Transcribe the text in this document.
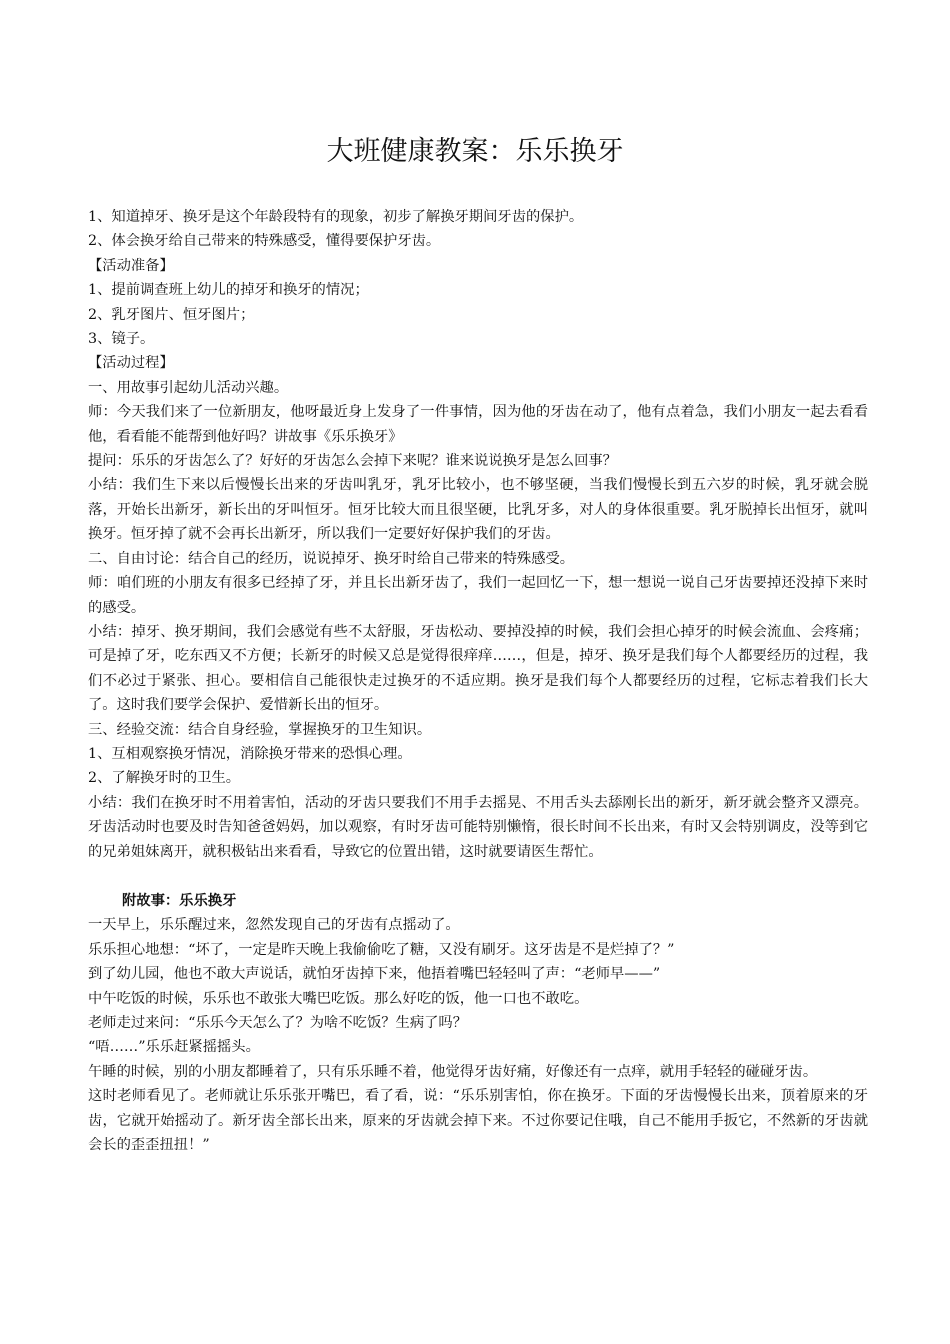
大班健康教案：乐乐换牙

1、知道掉牙、换牙是这个年龄段特有的现象，初步了解换牙期间牙齿的保护。

2、体会换牙给自己带来的特殊感受，懂得要保护牙齿。

【活动准备】

1、提前调查班上幼儿的掉牙和换牙的情况；

2、乳牙图片、恒牙图片；

3、镜子。

【活动过程】

一、用故事引起幼儿活动兴趣。

师：今天我们来了一位新朋友，他呀最近身上发身了一件事情，因为他的牙齿在动了，他有点着急，我们小朋友一起去看看他，看看能不能帮到他好吗？讲故事《乐乐换牙》

提问：乐乐的牙齿怎么了？好好的牙齿怎么会掉下来呢？谁来说说换牙是怎么回事？

小结：我们生下来以后慢慢长出来的牙齿叫乳牙，乳牙比较小，也不够坚硬，当我们慢慢长到五六岁的时候，乳牙就会脱落，开始长出新牙，新长出的牙叫恒牙。恒牙比较大而且很坚硬，比乳牙多，对人的身体很重要。乳牙脱掉长出恒牙，就叫换牙。恒牙掉了就不会再长出新牙，所以我们一定要好好保护我们的牙齿。

二、自由讨论：结合自己的经历，说说掉牙、换牙时给自己带来的特殊感受。

师：咱们班的小朋友有很多已经掉了牙，并且长出新牙齿了，我们一起回忆一下，想一想说一说自己牙齿要掉还没掉下来时的感受。

小结：掉牙、换牙期间，我们会感觉有些不太舒服，牙齿松动、要掉没掉的时候，我们会担心掉牙的时候会流血、会疼痛；可是掉了牙，吃东西又不方便；长新牙的时候又总是觉得很痒痒……，但是，掉牙、换牙是我们每个人都要经历的过程，我们不必过于紧张、担心。要相信自己能很快走过换牙的不适应期。换牙是我们每个人都要经历的过程，它标志着我们长大了。这时我们要学会保护、爱惜新长出的恒牙。

三、经验交流：结合自身经验，掌握换牙的卫生知识。

1、互相观察换牙情况，消除换牙带来的恐惧心理。

2、了解换牙时的卫生。

小结：我们在换牙时不用着害怕，活动的牙齿只要我们不用手去摇晃、不用舌头去舔刚长出的新牙，新牙就会整齐又漂亮。牙齿活动时也要及时告知爸爸妈妈，加以观察，有时牙齿可能特别懒惰，很长时间不长出来，有时又会特别调皮，没等到它的兄弟姐妹离开，就积极钻出来看看，导致它的位置出错，这时就要请医生帮忙。

附故事：乐乐换牙

一天早上，乐乐醒过来，忽然发现自己的牙齿有点摇动了。

乐乐担心地想：“坏了，一定是昨天晚上我偷偷吃了糖，又没有刷牙。这牙齿是不是烂掉了？”

到了幼儿园，他也不敢大声说话，就怕牙齿掉下来，他捂着嘴巴轻轻叫了声：“老师早——”

中午吃饭的时候，乐乐也不敢张大嘴巴吃饭。那么好吃的饭，他一口也不敢吃。

老师走过来问：“乐乐今天怎么了？为啥不吃饭？生病了吗？

“唔……”乐乐赶紧摇摇头。

午睡的时候，别的小朋友都睡着了，只有乐乐睡不着，他觉得牙齿好痛，好像还有一点痒，就用手轻轻的碰碰牙齿。

这时老师看见了。老师就让乐乐张开嘴巴，看了看，说：“乐乐别害怕，你在换牙。下面的牙齿慢慢长出来，顶着原来的牙齿，它就开始摇动了。新牙齿全部长出来，原来的牙齿就会掉下来。不过你要记住哦，自己不能用手扳它，不然新的牙齿就会长的歪歪扭扭！”
